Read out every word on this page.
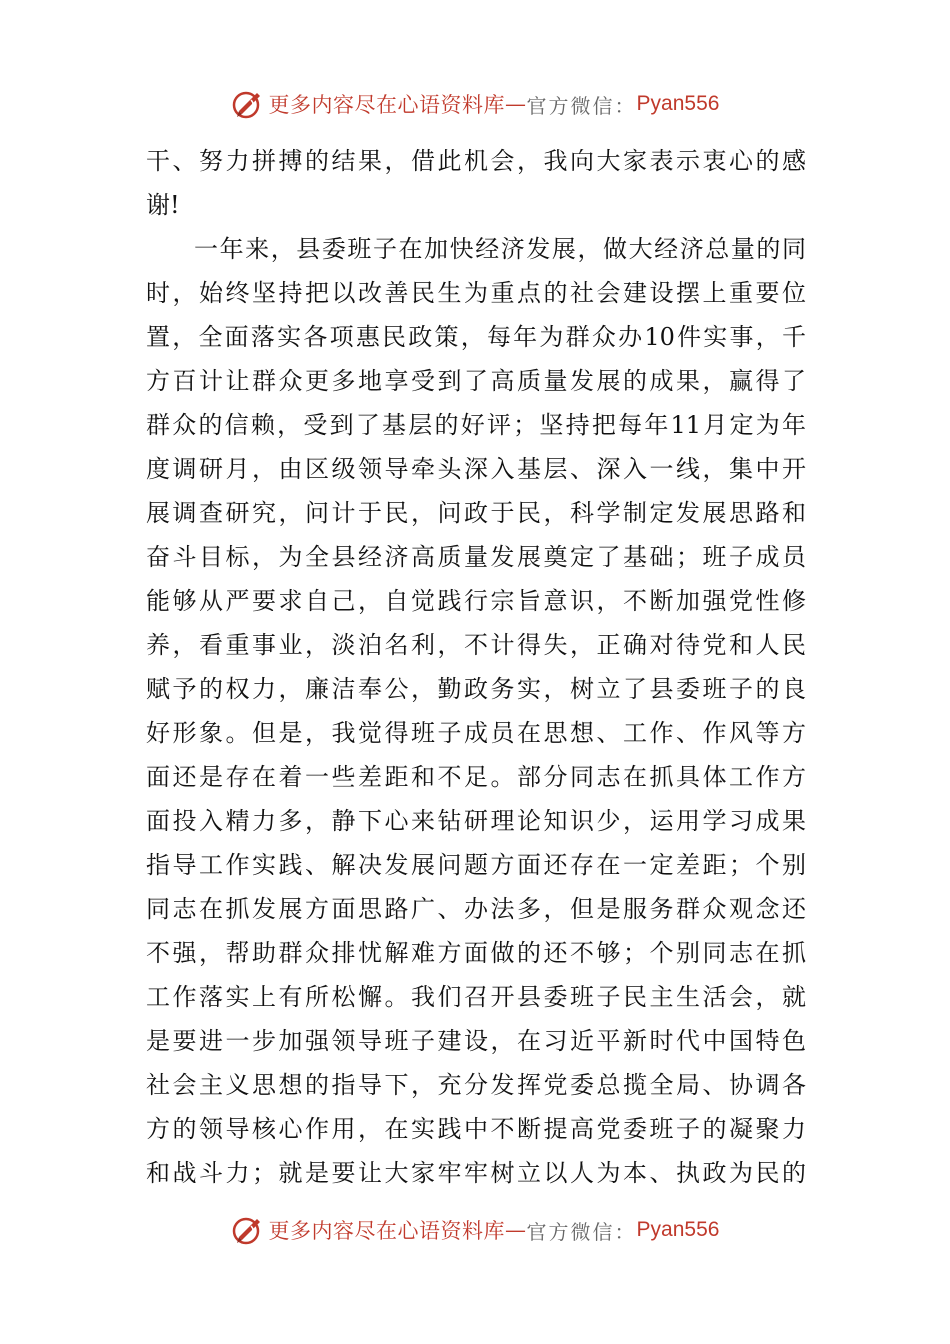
更多内容尽在心语资料库 — 官方微信： Pyan556
干、努力拼搏的结果，借此机会，我向大家表示衷心的感
谢!
一年来，县委班子在加快经济发展，做大经济总量的同
时，始终坚持把以改善民生为重点的社会建设摆上重要位
置，全面落实各项惠民政策，每年为群众办10件实事，千
方百计让群众更多地享受到了高质量发展的成果，赢得了
群众的信赖，受到了基层的好评；坚持把每年11月定为年
度调研月，由区级领导牵头深入基层、深入一线，集中开
展调查研究，问计于民，问政于民，科学制定发展思路和
奋斗目标，为全县经济高质量发展奠定了基础；班子成员
能够从严要求自己，自觉践行宗旨意识，不断加强党性修
养，看重事业，淡泊名利，不计得失，正确对待党和人民
赋予的权力，廉洁奉公，勤政务实，树立了县委班子的良
好形象。但是，我觉得班子成员在思想、工作、作风等方
面还是存在着一些差距和不足。部分同志在抓具体工作方
面投入精力多，静下心来钻研理论知识少，运用学习成果
指导工作实践、解决发展问题方面还存在一定差距；个别
同志在抓发展方面思路广、办法多，但是服务群众观念还
不强，帮助群众排忧解难方面做的还不够；个别同志在抓
工作落实上有所松懈。我们召开县委班子民主生活会，就
是要进一步加强领导班子建设，在习近平新时代中国特色
社会主义思想的指导下，充分发挥党委总揽全局、协调各
方的领导核心作用，在实践中不断提高党委班子的凝聚力
和战斗力；就是要让大家牢牢树立以人为本、执政为民的
更多内容尽在心语资料库 — 官方微信： Pyan556
